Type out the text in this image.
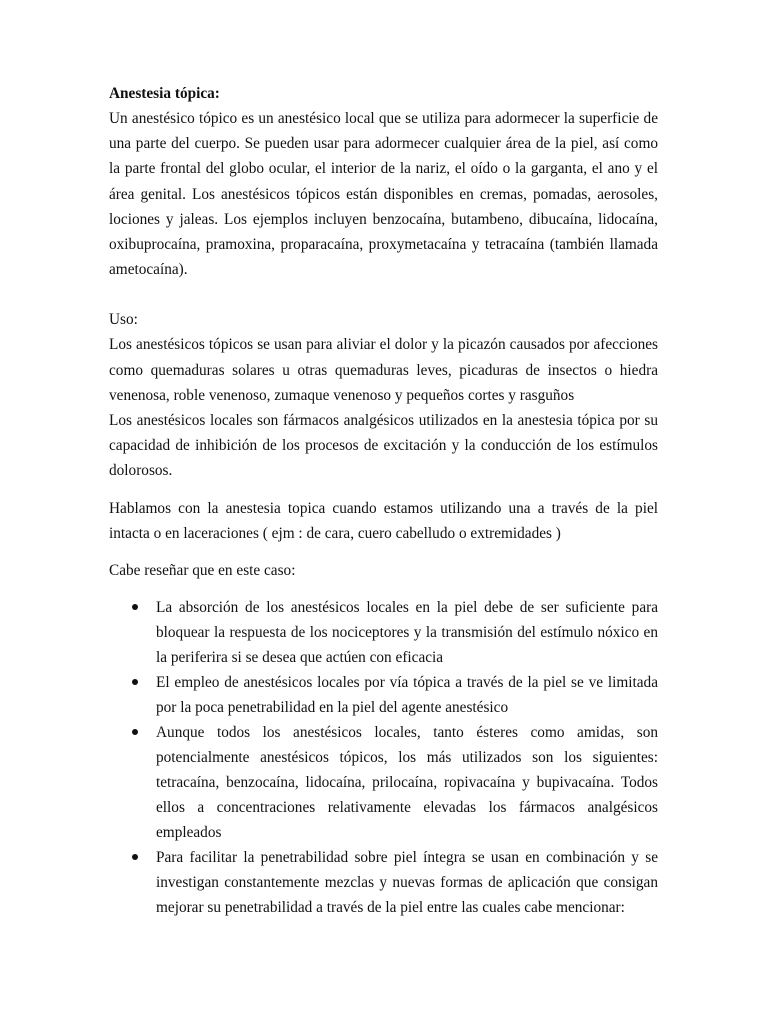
Anestesia tópica:

Un anestésico tópico es un anestésico local que se utiliza para adormecer la superficie de una parte del cuerpo. Se pueden usar para adormecer cualquier área de la piel, así como la parte frontal del globo ocular, el interior de la nariz, el oído o la garganta, el ano y el área genital. Los anestésicos tópicos están disponibles en cremas, pomadas, aerosoles, lociones y jaleas. Los ejemplos incluyen benzocaína, butambeno, dibucaína, lidocaína, oxibuprocaína, pramoxina, proparacaína, proxymetacaína y tetracaína (también llamada ametocaína).

Uso:

Los anestésicos tópicos se usan para aliviar el dolor y la picazón causados por afecciones como quemaduras solares u otras quemaduras leves, picaduras de insectos o hiedra venenosa, roble venenoso, zumaque venenoso y pequeños cortes y rasguños

Los anestésicos locales son fármacos analgésicos utilizados en la anestesia tópica por su capacidad de inhibición de los procesos de excitación y la conducción de los estímulos dolorosos.

Hablamos con la anestesia topica cuando estamos utilizando una a través de la piel intacta o en laceraciones ( ejm : de cara, cuero cabelludo o extremidades )

Cabe reseñar que en este caso:

La absorción de los anestésicos locales en la piel debe de ser suficiente para bloquear la respuesta de los nociceptores y la transmisión del estímulo nóxico en la periferira si se desea que actúen con eficacia
El empleo de anestésicos locales por vía tópica a través de la piel se ve limitada por la poca penetrabilidad en la piel del agente anestésico
Aunque todos los anestésicos locales, tanto ésteres como amidas, son potencialmente anestésicos tópicos, los más utilizados son los siguientes: tetracaína, benzocaína, lidocaína, prilocaína, ropivacaína y bupivacaína. Todos ellos a concentraciones relativamente elevadas los fármacos analgésicos empleados
Para facilitar la penetrabilidad sobre piel íntegra se usan en combinación y se investigan constantemente mezclas y nuevas formas de aplicación que consigan mejorar su penetrabilidad a través de la piel entre las cuales cabe mencionar:
